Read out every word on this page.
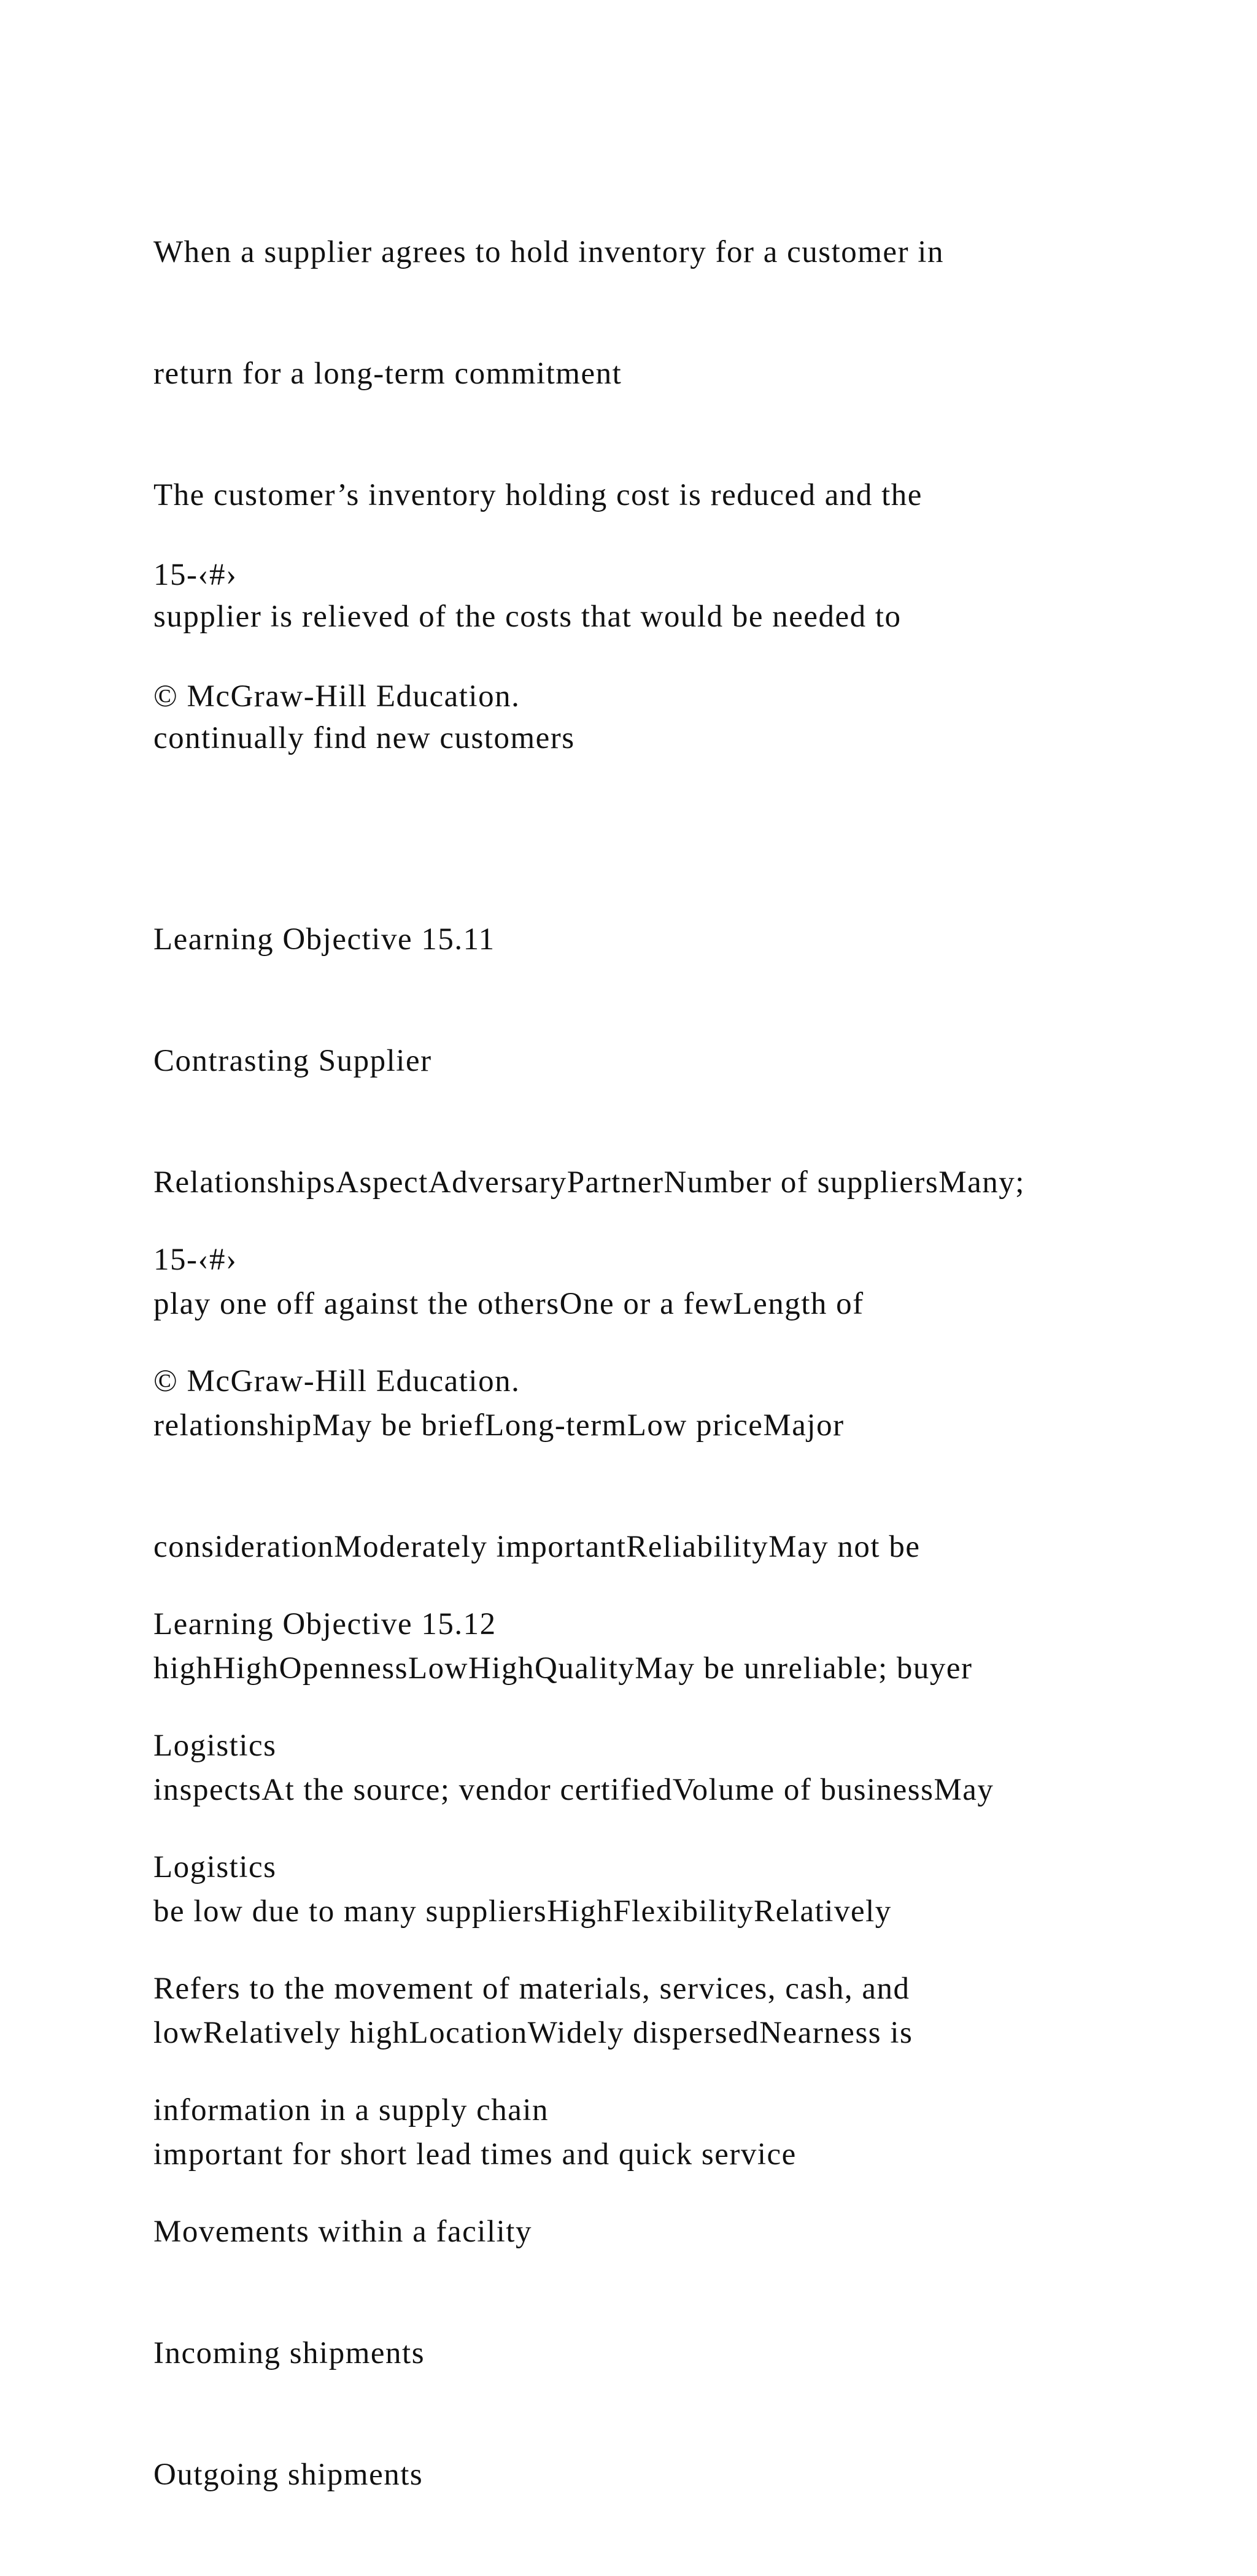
When a supplier agrees to hold inventory for a customer in

return for a long-term commitment

The customer’s inventory holding cost is reduced and the

supplier is relieved of the costs that would be needed to

continually find new customers

15-‹#›

© McGraw-Hill Education.

Learning Objective 15.11

Contrasting Supplier

RelationshipsAspectAdversaryPartnerNumber of suppliersMany;

play one off against the othersOne or a fewLength of

relationshipMay be briefLong-termLow priceMajor

considerationModerately importantReliabilityMay not be

highHighOpennessLowHighQualityMay be unreliable; buyer

inspectsAt the source; vendor certifiedVolume of businessMay

be low due to many suppliersHighFlexibilityRelatively

lowRelatively highLocationWidely dispersedNearness is

important for short lead times and quick service

15-‹#›

© McGraw-Hill Education.

Learning Objective 15.12

Logistics

Logistics

Refers to the movement of materials, services, cash, and

information in a supply chain

Movements within a facility

Incoming shipments

Outgoing shipments
